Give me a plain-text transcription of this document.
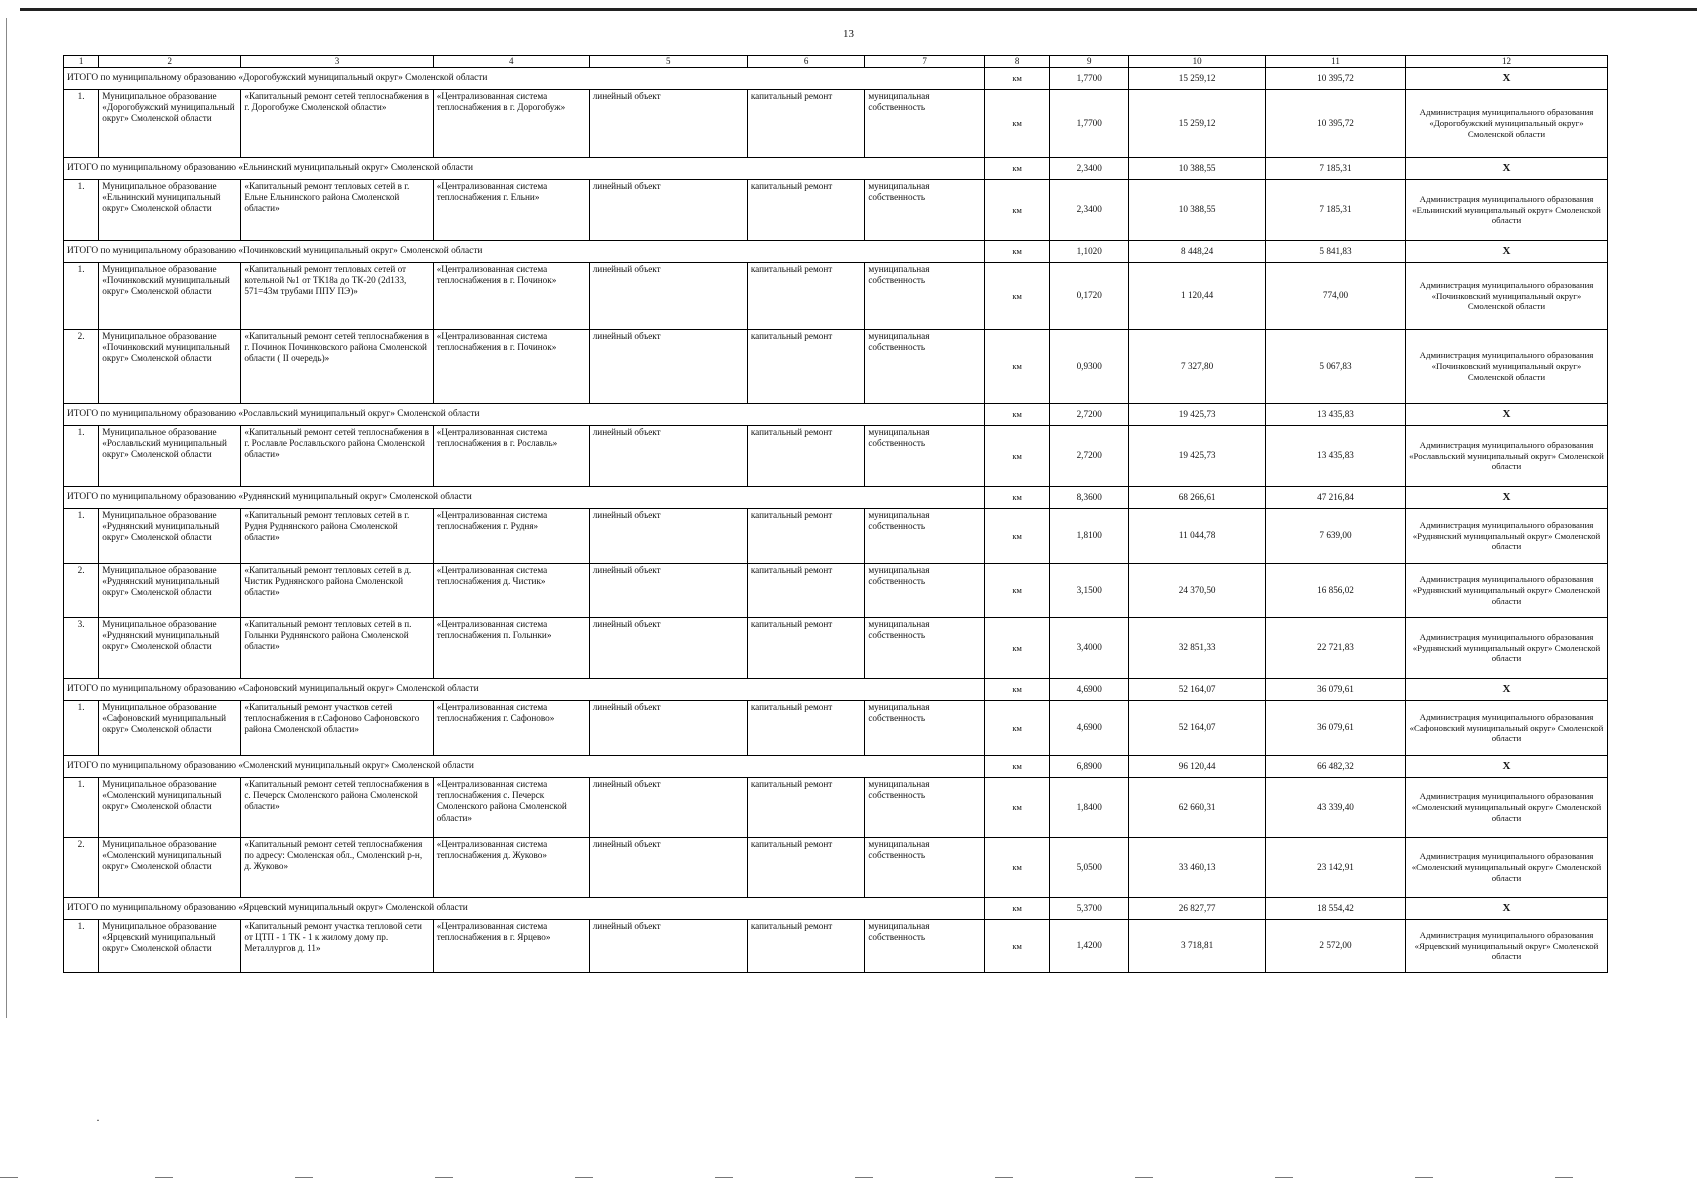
13
1	2	3	4	5	6	7	8	9	10	11	12
ИТОГО по муниципальному образованию «Дорогобужский муниципальный округ» Смоленской области							км	1,7700	15 259,12	10 395,72	X
1.	Муниципальное образование «Дорогобужский муниципальный округ» Смоленской области	«Капитальный ремонт сетей теплоснабжения в г. Дорогобуже Смоленской области»	«Централизованная система теплоснабжения в г. Дорогобуж»	линейный объект	капитальный ремонт	муниципальная собственность	км	1,7700	15 259,12	10 395,72	Администрация муниципального образования «Дорогобужский муниципальный округ» Смоленской области
ИТОГО по муниципальному образованию «Ельнинский муниципальный округ» Смоленской области							км	2,3400	10 388,55	7 185,31	X
1.	Муниципальное образование «Ельнинский муниципальный округ» Смоленской области	«Капитальный ремонт тепловых сетей в г. Ельне Ельнинского района Смоленской области»	«Централизованная система теплоснабжения г. Ельни»	линейный объект	капитальный ремонт	муниципальная собственность	км	2,3400	10 388,55	7 185,31	Администрация муниципального образования «Ельнинский муниципальный округ» Смоленской области
ИТОГО по муниципальному образованию «Починковский муниципальный округ» Смоленской области							км	1,1020	8 448,24	5 841,83	X
1.	Муниципальное образование «Починковский муниципальный округ» Смоленской области	«Капитальный ремонт тепловых сетей от котельной №1 от ТК18а до ТК-20 (2d133, 571=43м трубами ППУ ПЭ)»	«Централизованная система теплоснабжения в г. Починок»	линейный объект	капитальный ремонт	муниципальная собственность	км	0,1720	1 120,44	774,00	Администрация муниципального образования «Починковский муниципальный округ» Смоленской области
2.	Муниципальное образование «Починковский муниципальный округ» Смоленской области	«Капитальный ремонт сетей теплоснабжения в г. Починок Починковского района Смоленской области ( II очередь)»	«Централизованная система теплоснабжения в г. Починок»	линейный объект	капитальный ремонт	муниципальная собственность	км	0,9300	7 327,80	5 067,83	Администрация муниципального образования «Починковский муниципальный округ» Смоленской области
ИТОГО по муниципальному образованию «Рославльский муниципальный округ» Смоленской области							км	2,7200	19 425,73	13 435,83	X
1.	Муниципальное образование «Рославльский муниципальный округ» Смоленской области	«Капитальный ремонт сетей теплоснабжения в г. Рославле Рославльского района Смоленской области»	«Централизованная система теплоснабжения в г. Рославль»	линейный объект	капитальный ремонт	муниципальная собственность	км	2,7200	19 425,73	13 435,83	Администрация муниципального образования «Рославльский муниципальный округ» Смоленской области
ИТОГО по муниципальному образованию «Руднянский муниципальный округ» Смоленской области							км	8,3600	68 266,61	47 216,84	X
1.	Муниципальное образование «Руднянский муниципальный округ» Смоленской области	«Капитальный ремонт тепловых сетей в г. Рудня Руднянского района Смоленской области»	«Централизованная система теплоснабжения г. Рудня»	линейный объект	капитальный ремонт	муниципальная собственность	км	1,8100	11 044,78	7 639,00	Администрация муниципального образования «Руднянский муниципальный округ» Смоленской области
2.	Муниципальное образование «Руднянский муниципальный округ» Смоленской области	«Капитальный ремонт тепловых сетей в д. Чистик Руднянского района Смоленской области»	«Централизованная система теплоснабжения д. Чистик»	линейный объект	капитальный ремонт	муниципальная собственность	км	3,1500	24 370,50	16 856,02	Администрация муниципального образования «Руднянский муниципальный округ» Смоленской области
3.	Муниципальное образование «Руднянский муниципальный округ» Смоленской области	«Капитальный ремонт тепловых сетей в п. Голынки Руднянского района Смоленской области»	«Централизованная система теплоснабжения п. Голынки»	линейный объект	капитальный ремонт	муниципальная собственность	км	3,4000	32 851,33	22 721,83	Администрация муниципального образования «Руднянский муниципальный округ» Смоленской области
ИТОГО по муниципальному образованию «Сафоновский муниципальный округ» Смоленской области							км	4,6900	52 164,07	36 079,61	X
1.	Муниципальное образование «Сафоновский муниципальный округ» Смоленской области	«Капитальный ремонт участков сетей теплоснабжения в г.Сафоново Сафоновского района Смоленской области»	«Централизованная система теплоснабжения г. Сафоново»	линейный объект	капитальный ремонт	муниципальная собственность	км	4,6900	52 164,07	36 079,61	Администрация муниципального образования «Сафоновский муниципальный округ» Смоленской области
ИТОГО по муниципальному образованию «Смоленский муниципальный округ» Смоленской области							км	6,8900	96 120,44	66 482,32	X
1.	Муниципальное образование «Смоленский муниципальный округ» Смоленской области	«Капитальный ремонт сетей теплоснабжения в с. Печерск Смоленского района Смоленской области»	«Централизованная система теплоснабжения с. Печерск Смоленского района Смоленской области»	линейный объект	капитальный ремонт	муниципальная собственность	км	1,8400	62 660,31	43 339,40	Администрация муниципального образования «Смоленский муниципальный округ» Смоленской области
2.	Муниципальное образование «Смоленский муниципальный округ» Смоленской области	«Капитальный ремонт сетей теплоснабжения по адресу: Смоленская обл., Смоленский р-н, д. Жуково»	«Централизованная система теплоснабжения д. Жуково»	линейный объект	капитальный ремонт	муниципальная собственность	км	5,0500	33 460,13	23 142,91	Администрация муниципального образования «Смоленский муниципальный округ» Смоленской области
ИТОГО по муниципальному образованию «Ярцевский муниципальный округ» Смоленской области							км	5,3700	26 827,77	18 554,42	X
1.	Муниципальное образование «Ярцевский муниципальный округ» Смоленской области	«Капитальный ремонт участка тепловой сети от ЦТП - 1 ТК - 1 к жилому дому пр. Металлургов д. 11»	«Централизованная система теплоснабжения в г. Ярцево»	линейный объект	капитальный ремонт	муниципальная собственность	км	1,4200	3 718,81	2 572,00	Администрация муниципального образования «Ярцевский муниципальный округ» Смоленской области
·
